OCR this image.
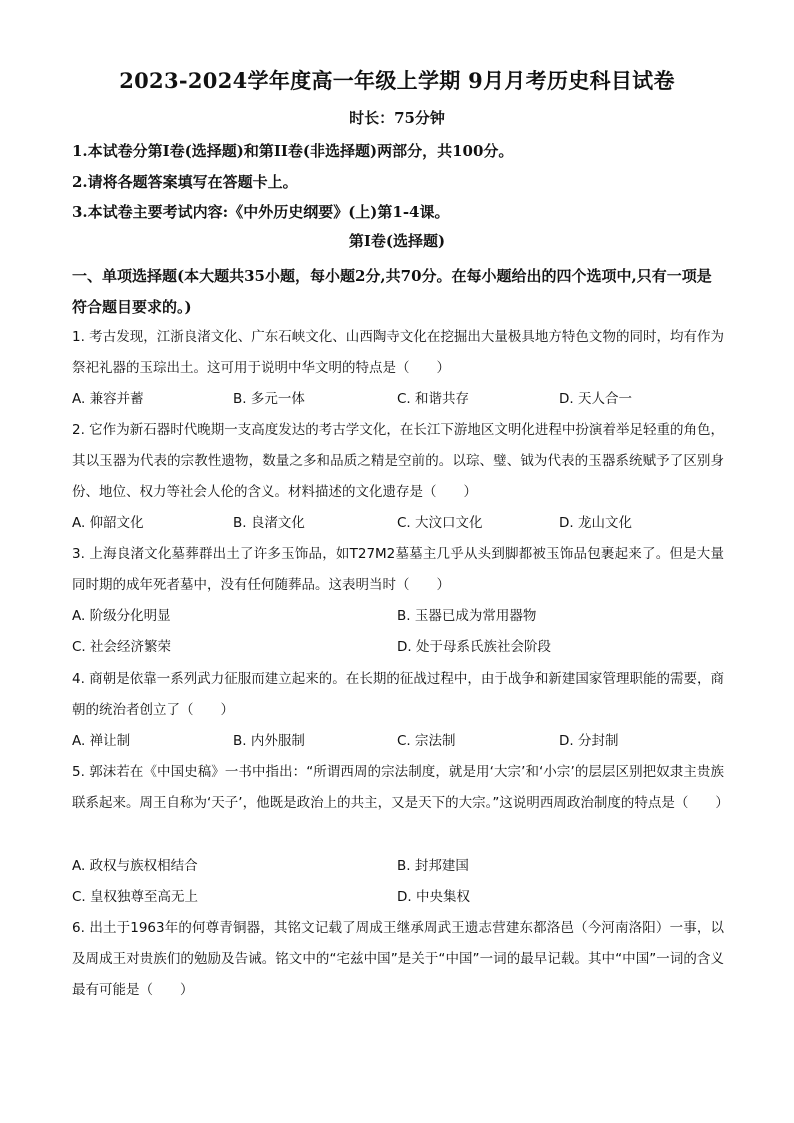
2023-2024学年度高一年级上学期 9月月考历史科目试卷
时长：75分钟
1.本试卷分第Ⅰ卷(选择题)和第II卷(非选择题)两部分，共100分。
2.请将各题答案填写在答题卡上。
3.本试卷主要考试内容:《中外历史纲要》(上)第1-4课。
第Ⅰ卷(选择题)
一、单项选择题(本大题共35小题，每小题2分,共70分。在每小题给出的四个选项中,只有一项是符合题目要求的。)
1. 考古发现，江浙良渚文化、广东石峡文化、山西陶寺文化在挖掘出大量极具地方特色文物的同时，均有作为祭祀礼器的玉琮出土。这可用于说明中华文明的特点是（　　）
A. 兼容并蓄	B. 多元一体	C. 和谐共存	D. 天人合一
2. 它作为新石器时代晚期一支高度发达的考古学文化，在长江下游地区文明化进程中扮演着举足轻重的角色，其以玉器为代表的宗教性遗物，数量之多和品质之精是空前的。以琮、璧、钺为代表的玉器系统赋予了区别身份、地位、权力等社会人伦的含义。材料描述的文化遗存是（　　）
A. 仰韶文化	B. 良渚文化	C. 大汶口文化	D. 龙山文化
3. 上海良渚文化墓葬群出土了许多玉饰品，如T27M2墓墓主几乎从头到脚都被玉饰品包裹起来了。但是大量同时期的成年死者墓中，没有任何随葬品。这表明当时（　　）
A. 阶级分化明显	B. 玉器已成为常用器物
C. 社会经济繁荣	D. 处于母系氏族社会阶段
4. 商朝是依靠一系列武力征服而建立起来的。在长期的征战过程中，由于战争和新建国家管理职能的需要，商朝的统治者创立了（　　）
A. 禅让制	B. 内外服制	C. 宗法制	D. 分封制
5. 郭沫若在《中国史稿》一书中指出：“所谓西周的宗法制度，就是用‘大宗’和‘小宗’的层层区别把奴隶主贵族联系起来。周王自称为‘天子’，他既是政治上的共主，又是天下的大宗。”这说明西周政治制度的特点是（　　）
A. 政权与族权相结合	B. 封邦建国
C. 皇权独尊至高无上	D. 中央集权
6. 出土于1963年的何尊青铜器，其铭文记载了周成王继承周武王遗志营建东都洛邑（今河南洛阳）一事，以及周成王对贵族们的勉励及告诫。铭文中的“宅兹中国”是关于“中国”一词的最早记载。其中“中国”一词的含义最有可能是（　　）
